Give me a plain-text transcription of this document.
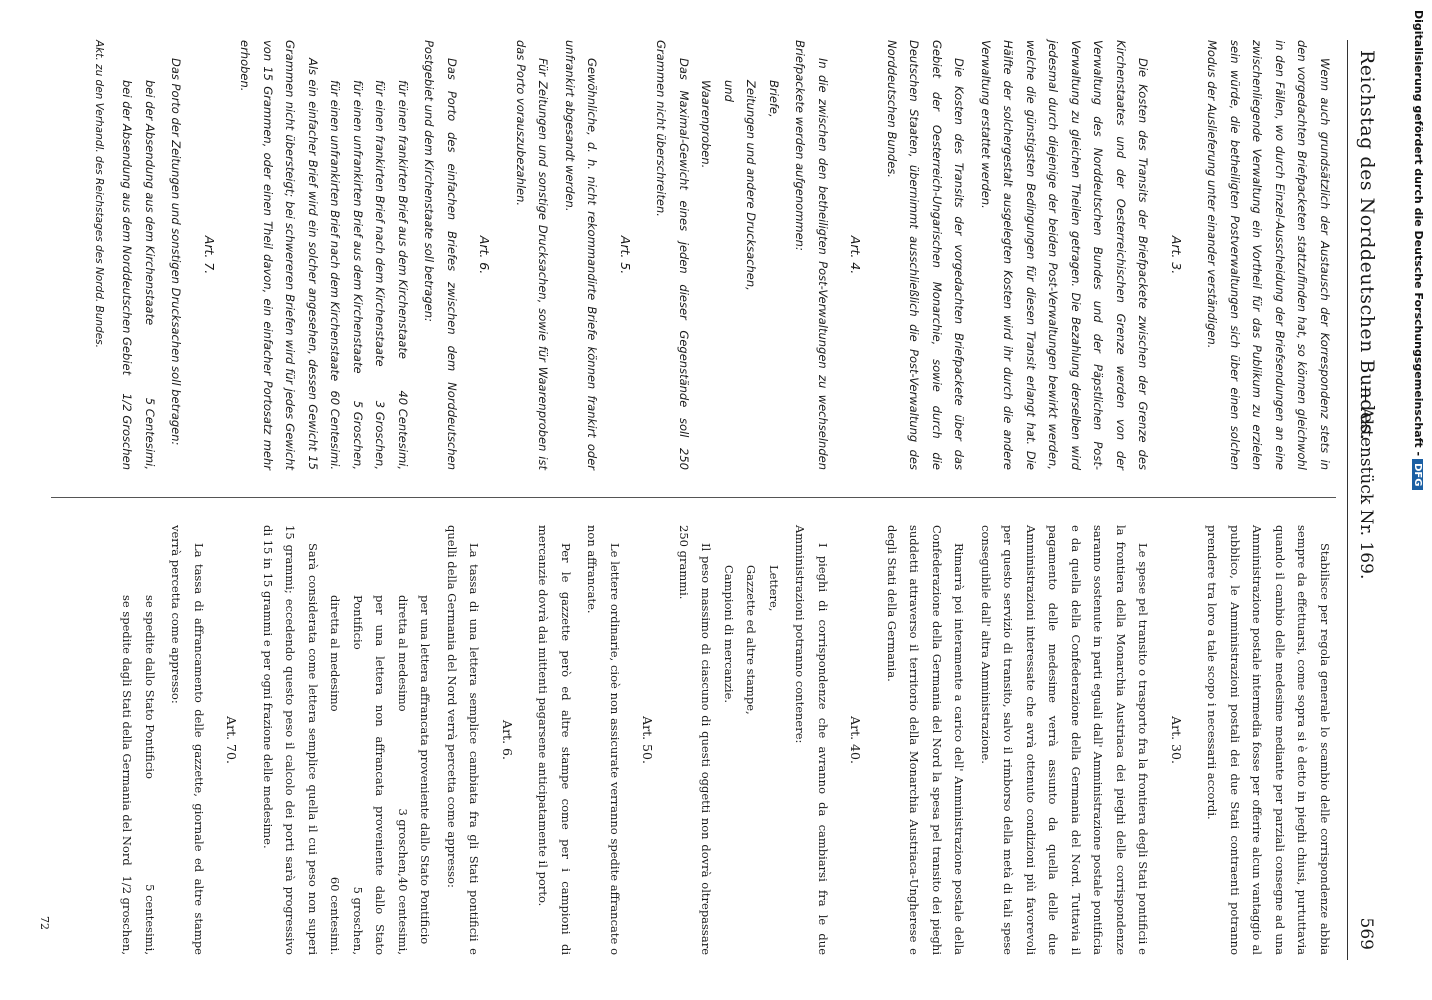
Digitalisierung gefördert durch die Deutsche Forschungsgemeinschaft -DFG
Reichstag des Norddeutschen Bundes.
— Aktenstück Nr. 169.
569

Wenn auch grundsätzlich der Austausch der Korrespondenz stets in den vorgedachten Briefpacketen stattzufinden hat, so können gleichwohl in den Fällen, wo durch Einzel-Ausscheidung der Briefsendungen an eine zwischenliegende Verwaltung ein Vortheil für das Publikum zu erzielen sein würde, die betheiligten Postverwaltungen sich über einen solchen Modus der Auslieferung unter einander verständigen.

Art. 3.

Die Kosten des Transits der Briefpackete zwischen der Grenze des Kirchenstaates und der Oesterreichischen Grenze werden von der Verwaltung des Norddeutschen Bundes und der Päpstlichen Post-Verwaltung zu gleichen Theilen getragen. Die Bezahlung derselben wird jedesmal durch diejenige der beiden Post-Verwaltungen bewirkt werden, welche die günstigsten Bedingungen für diesen Transit erlangt hat. Die Hälfte der solchergestalt ausgelegten Kosten wird ihr durch die andere Verwaltung erstattet werden.

Die Kosten des Transits der vorgedachten Briefpackete über das Gebiet der Oesterreich-Ungarischen Monarchie, sowie durch die Deutschen Staaten, übernimmt ausschließlich die Post-Verwaltung des Norddeutschen Bundes.

Art. 4.

In die zwischen den betheiligten Post-Verwaltungen zu wechselnden Briefpackete werden aufgenommen:

Briefe,

Zeitungen und andere Drucksachen,

und

Waarenproben.

Das Maximal-Gewicht eines jeden dieser Gegenstände soll 250 Grammen nicht überschreiten.

Art. 5.

Gewöhnliche, d. h. nicht rekommandirte Briefe können frankirt oder unfrankirt abgesandt werden.

Für Zeitungen und sonstige Drucksachen, sowie für Waarenproben ist das Porto vorauszubezahlen.

Art. 6.

Das Porto des einfachen Briefes zwischen dem Norddeutschen Postgebiet und dem Kirchenstaate soll betragen:

für einen frankirten Brief aus dem Kirchenstaate
40 Centesimi,

für einen frankirten Brief nach dem Kirchenstaate
3 Groschen,

für einen unfrankirten Brief aus dem Kirchenstaate
5 Groschen,

für einen unfrankirten Brief nach dem Kirchenstaate
60 Centesimi.

Als ein einfacher Brief wird ein solcher angesehen, dessen Gewicht 15 Grammen nicht übersteigt; bei schwereren Briefen wird für jedes Gewicht von 15 Grammen, oder einen Theil davon, ein einfacher Portosatz mehr erhoben.

Art. 7.

Das Porto der Zeitungen und sonstigen Drucksachen soll betragen:

bei der Absendung aus dem Kirchenstaate
5 Centesimi,

bei der Absendung aus dem Norddeutschen Gebiet
1/2 Groschen

Akt. zu den Verhandl. des Reichstages des Nordd. Bundes.

Stabilisce per regola generale lo scambio delle corrispondenze abbia sempre da effettuarsi, come sopra si è detto in pieghi chiusi, purtuttavia quando il cambio delle medesime mediante per parziali consegne ad una Amministrazione postale intermedia fosse per offerire alcun vantaggio al pubblico, le Amministrazioni postali dei due Stati contraenti potranno prendere tra loro a tale scopo i necessarii accordi.

Art. 30.

Le spese pel transito o trasporto fra la frontiera degli Stati pontificii e la frontiera della Monarchia Austriaca dei pieghi delle corrispondenze saranno sostenute in parti eguali dall' Amministrazione postale pontificia e da quella della Confederazione della Germania del Nord. Tuttavia il pagamento delle medesime verrà assunto da quella delle due Amministrazioni interessate che avrà ottenuto condizioni più favorevoli per questo servizio di transito, salvo il rimborso della metà di tali spese conseguibile dall' altra Amministrazione.

Rimarrà poi interamente a carico dell' Amministrazione postale della Confederazione della Germania del Nord la spesa pel transito dei pieghi suddetti attraverso il territorio della Monarchia Austriaca-Ungherese e degli Stati della Germania.

Art. 40.

I pieghi di corrispondenze che avranno da cambiarsi fra le due Amministrazioni potranno contenere:

Lettere,

Gazzette ed altre stampe,

Campioni di mercanzie.

Il peso massimo di ciascuno di questi oggetti non dovrà oltrepassare 250 grammi.

Art. 50.

Le lettere ordinarie, cioè non assicurate verranno spedite affrancate o non affrancate.

Per le gazzette però ed altre stampe come per i campioni di mercanzie dovrà dai mittenti pagarsene anticipatamente il porto.

Art. 6.

La tassa di una lettera semplice cambiata fra gli Stati pontificii e quelli della Germania del Nord verrà percetta come appresso:

per una lettera affrancata proveniente dallo Stato Pontificio
40 centesimi,

diretta al medesimo
3 groschen,

per una lettera non affrancata proveniente dallo Stato Pontificio
5 groschen,

diretta al medesimo
60 centesimi.

Sarà considerata come lettera semplice quella il cui peso non superi 15 grammi; eccedendo questo peso il calcolo dei porti sarà progressivo di 15 in 15 grammi e per ogni frazione delle medesime.

Art. 70.

La tassa di affrancamento delle gazzette, giornale ed altre stampe verrà percetta come appresso:

se spedite dallo Stato Pontificio
5 centesimi,

se spedite dagli Stati della Germania del Nord
1/2 groschen,

72
